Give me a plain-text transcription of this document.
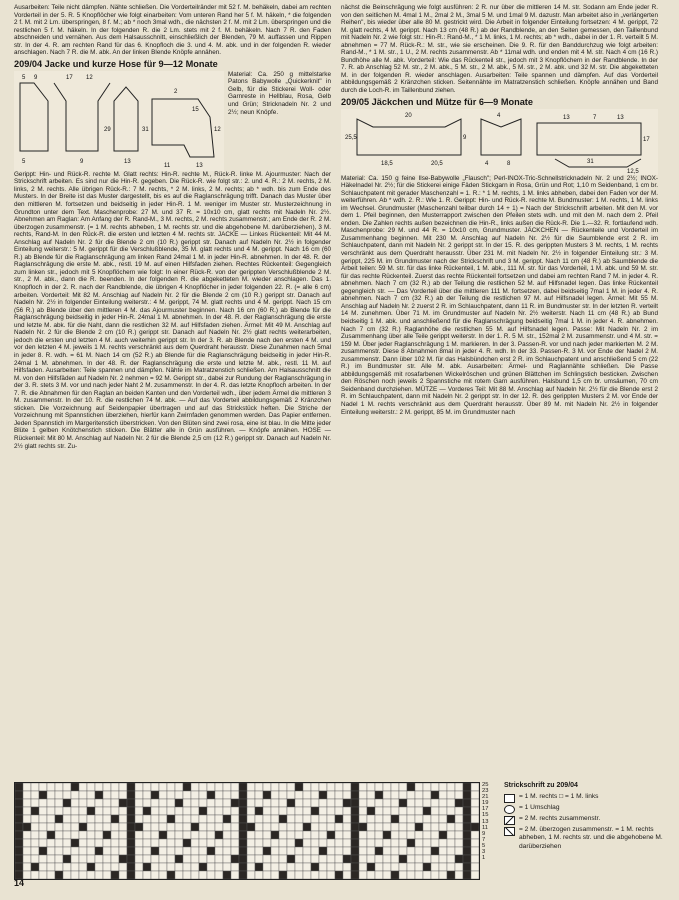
Ausarbeiten: Teile nicht dämpfen. Nähte schließen. Die Vorderteilränder mit 52 f. M. behäkeln, dabei am rechten Vorderteil in der 5. R. 5 Knopflöcher wie folgt einarbeiten: Vom unteren Rand her 5 f. M. häkeln, * die folgenden 2 f. M. mit 2 Lm. überspringen, 8 f. M.; ab * noch 3mal wdh., die nächsten 2 f. M. mit 2 Lm. überspringen und die restlichen 5 f. M. häkeln. In der folgenden R. die 2 Lm. stets mit 2 f. M. behäkeln. Nach 7 R. den Faden abschneiden und vernähen. Aus dem Halsausschnitt, einschließlich der Blenden, 79 M. auffassen und Rippen str. In der 4. R. am rechten Rand für das 6. Knopfloch die 3. und 4. M. abk. und in der folgenden R. wieder anschlagen. Nach 7 R. die M. abk. An der linken Blende Knöpfe annähen.

209/04 Jacke und kurze Hose für 9—12 Monate
5 9	17 12
5	9	13
2
29	31
15
11	13
12

Material: Ca. 250 g mittelstarke Patons Babywolle „Quickerknit" in Gelb, für die Stickerei Woll- oder Garnreste in Hellblau, Rosa, Gelb und Grün; Stricknadeln Nr. 2 und 2½; neun Knöpfe.

Gerippt: Hin- und Rück-R. rechte M. Glatt rechts: Hin-R. rechte M., Rück-R. linke M. Ajourmuster: Nach der Strickschrift arbeiten. Es sind nur die Hin-R. gegeben. Die Rück-R. wie folgt str.: 2. und 4. R.: 2 M. rechts, 2 M. links, 2 M. rechts. Alle übrigen Rück-R.: 7 M. rechts, * 2 M. links, 2 M. rechts; ab * wdh. bis zum Ende des Musters. In der Breite ist das Muster dargestellt, bis es auf die Raglanschrägung trifft. Danach das Muster über den mittleren M. fortsetzen und beidseitig in jeder Hin-R. 1 M. weniger im Muster str. Musterzeichnung in Grundton unter dem Text. Maschenprobe: 27 M. und 37 R. = 10x10 cm, glatt rechts mit Nadeln Nr. 2½. Abnehmen am Raglan: Am Anfang der R. Rand-M., 3 M. rechts, 2 M. rechts zusammenstr.; am Ende der R. 2 M. überzogen zusammenstr. (= 1 M. rechts abheben, 1 M. rechts str. und die abgehobene M. darüberziehen), 3 M. rechts, Rand-M. In den Rück-R. die ersten und letzten 4 M. rechts str. JACKE — Linkes Rückenteil: Mit 44 M. Anschlag auf Nadeln Nr. 2 für die Blende 2 cm (10 R.) gerippt str. Danach auf Nadeln Nr. 2½ in folgender Einteilung weiterstr.: 5 M. gerippt für die Verschlußblende, 35 M. glatt rechts und 4 M. gerippt. Nach 16 cm (60 R.) ab Blende für die Raglanschrägung am linken Rand 24mal 1 M. in jeder Hin-R. abnehmen. In der 48. R. der Raglanschrägung die erste M. abk., restl. 19 M. auf einen Hilfsfaden ziehen. Rechtes Rückenteil: Gegengleich zum linken str., jedoch mit 5 Knopflöchern wie folgt: In einer Rück-R. von der gerippten Verschlußblende 2 M. str., 2 M. abk., dann die R. beenden. In der folgenden R. die abgeketteten M. wieder anschlagen. Das 1. Knopfloch in der 2. R. nach der Randblende, die übrigen 4 Knopflöcher in jeder folgenden 22. R. (= alle 6 cm) arbeiten. Vorderteil: Mit 82 M. Anschlag auf Nadeln Nr. 2 für die Blende 2 cm (10 R.) gerippt str. Danach auf Nadeln Nr. 2½ in folgender Einteilung weiterstr.: 4 M. gerippt, 74 M. glatt rechts und 4 M. gerippt. Nach 15 cm (56 R.) ab Blende über den mittleren 4 M. das Ajourmuster beginnen. Nach 16 cm (60 R.) ab Blende für die Raglanschrägung beidseitig in jeder Hin-R. 24mal 1 M. abnehmen. In der 48. R. der Raglanschrägung die erste und letzte M. abk. für die Naht, dann die restlichen 32 M. auf Hilfsfaden ziehen. Ärmel: Mit 49 M. Anschlag auf Nadeln Nr. 2 für die Blende 2 cm (10 R.) gerippt str. Danach auf Nadeln Nr. 2½ glatt rechts weiterarbeiten, jedoch die ersten und letzten 4 M. auch weiterhin gerippt str. In der 3. R. ab Blende nach den ersten 4 M. und vor den letzten 4 M. jeweils 1 M. rechts verschränkt aus dem Querdraht herausstr. Diese Zunahmen nach 5mal in jeder 8. R. wdh. = 61 M. Nach 14 cm (52 R.) ab Blende für die Raglanschrägung beidseitig in jeder Hin-R. 24mal 1 M. abnehmen. In der 48. R. der Raglanschrägung die erste und letzte M. abk., restl. 11 M. auf Hilfsfaden. Ausarbeiten: Teile spannen und dämpfen. Nähte im Matratzenstich schließen. Am Halsausschnitt die M. von den Hilfsfäden auf Nadeln Nr. 2 nehmen = 92 M. Gerippt str., dabei zur Rundung der Raglanschrägung in der 3. R. stets 3 M. vor und nach jeder Naht 2 M. zusammenstr. In der 4. R. das letzte Knopfloch arbeiten. In der 7. R. die Abnahmen für den Raglan an beiden Kanten und den Vorderteil wdh., über jedem Ärmel die mittleren 3 M. zusammenstr. In der 10. R. die restlichen 74 M. abk. — Auf das Vorderteil abbildungsgemäß 2 Kränzchen sticken. Die Vorzeichnung auf Seidenpapier übertragen und auf das Strickstück heften. Die Striche der Vorzeichnung mit Spannstichen überziehen, hierfür kann Zwirnfaden genommen werden. Das Papier entfernen. Jeden Spannstich im Margeritenstich überstricken. Von den Blüten sind zwei rosa, eine ist blau. In die Mitte jeder Blüte 1 gelben Knötchenstich sticken. Die Blätter alle in Grün ausführen. — Knöpfe annähen. HOSE — Rückenteil: Mit 80 M. Anschlag auf Nadeln Nr. 2 für die Blende 2,5 cm (12 R.) gerippt str. Danach auf Nadeln Nr. 2½ glatt rechts str. Zu-

nächst die Beinschrägung wie folgt ausführen: 2 R. nur über die mittleren 14 M. str. Sodann am Ende jeder R. von den seitlichen M. 4mal 1 M., 2mal 2 M., 3mal 5 M. und 1mal 9 M. dazustr. Man arbeitet also in „verlängerten Reihen", bis wieder über alle 80 M. gestrickt wird. Die Arbeit in folgender Einteilung fortsetzen: 4 M. gerippt, 72 M. glatt rechts, 4 M. gerippt. Nach 13 cm (48 R.) ab der Randblende, an den Seiten gemessen, den Taillenbund mit Nadeln Nr. 2 wie folgt str.: Hin-R.: Rand-M., * 1 M. links, 1 M. rechts; ab * wdh., dabei in der 1. R. verteilt 5 M. abnehmen = 77 M. Rück-R.: M. str., wie sie erscheinen. Die 9. R. für den Banddurchzug wie folgt arbeiten: Rand-M., * 1 M. str., 1 U., 2 M. rechts zusammenstr. Ab * 11mal wdh. und enden mit 4 M. str. Nach 4 cm (16 R.) Bundhöhe alle M. abk. Vorderteil: Wie das Rückenteil str., jedoch mit 3 Knopflöchern in der Randblende. In der 7. R. ab Anschlag 52 M. str., 2 M. abk., 5 M. str., 2 M. abk., 5 M. str., 2 M. abk. und 32 M. str. Die abgeketteten M. in der folgenden R. wieder anschlagen. Ausarbeiten: Teile spannen und dämpfen. Auf das Vorderteil abbildungsgemäß 2 Kränzchen sticken. Seitennähte im Matratzenstich schließen. Knöpfe annähen und Band durch die Loch-R. im Taillenbund ziehen.

209/05 Jäckchen und Mütze für 6—9 Monate
25,5
20
9
4
18,5	20,5	4	8	31
12,5
13	7	13
17

Material: Ca. 150 g feine Ilse-Babywolle „Flausch"; Perl-INOX-Tric-Schnellstricknadeln Nr. 2 und 2½; INOX-Häkelnadel Nr. 2½; für die Stickerei einige Fäden Stickgarn in Rosa, Grün und Rot; 1,10 m Seidenband, 1 cm br. Schlauchpatent mit gerader Maschenzahl = 1. R.: * 1 M. rechts, 1 M. links abheben, dabei den Faden vor der M. weiterführen. Ab * wdh. 2. R.: Wie 1. R. Gerippt: Hin- und Rück-R. rechte M. Bundmuster: 1 M. rechts, 1 M. links im Wechsel. Grundmuster (Maschenzahl teilbar durch 14 + 1) = Nach der Strickschrift arbeiten. Mit den M. vor dem 1. Pfeil beginnen, den Musterrapport zwischen den Pfeilen stets wdh. und mit den M. nach dem 2. Pfeil enden. Die Zahlen rechts außen bezeichnen die Hin-R., links außen die Rück-R. Die 1.—32. R. fortlaufend wdh. Maschenprobe: 29 M. und 44 R. = 10x10 cm, Grundmuster. JÄCKCHEN — Rückenteile und Vorderteil im Zusammenhang beginnen. Mit 230 M. Anschlag auf Nadeln Nr. 2½ für die Saumblende erst 2 R. im Schlauchpatent, dann mit Nadeln Nr. 2 gerippt str. In der 15. R. des gerippten Musters 3 M. rechts, 1 M. rechts verschränkt aus dem Querdraht herausstr. Über 231 M. mit Nadeln Nr. 2½ in folgender Einteilung str.: 3 M. gerippt, 225 M. im Grundmuster nach der Strickschrift und 3 M. gerippt. Nach 11 cm (48 R.) ab Saumblende die Arbeit teilen: 59 M. str. für das linke Rückenteil, 1 M. abk., 111 M. str. für das Vorderteil, 1 M. abk. und 59 M. str. für das rechte Rückenteil. Zuerst das rechte Rückenteil fortsetzen und dabei am rechten Rand 7 M. in jeder 4. R. abnehmen. Nach 7 cm (32 R.) ab der Teilung die restlichen 52 M. auf Hilfsnadel legen. Das linke Rückenteil gegengleich str. — Das Vorderteil über die mittleren 111 M. fortsetzen, dabei beidseitig 7mal 1 M. in jeder 4. R. abnehmen. Nach 7 cm (32 R.) ab der Teilung die restlichen 97 M. auf Hilfsnadel legen. Ärmel: Mit 55 M. Anschlag auf Nadeln Nr. 2 zuerst 2 R. im Schlauchpatent, dann 11 R. im Bundmuster str. In der letzten R. verteilt 14 M. zunehmen. Über 71 M. im Grundmuster auf Nadeln Nr. 2½ weiterstr. Nach 11 cm (48 R.) ab Bund beidseitig 1 M. abk. und anschließend für die Raglanschrägung beidseitig 7mal 1 M. in jeder 4. R. abnehmen. Nach 7 cm (32 R.) Raglanhöhe die restlichen 55 M. auf Hilfsnadel legen. Passe: Mit Nadeln Nr. 2 im Zusammenhang über alle Teile gerippt weiterstr. In der 1. R. 5 M. str., 152mal 2 M. zusammenstr. und 4 M. str. = 159 M. Über jeder Raglanschrägung 1 M. markieren. In der 3. Passen-R. vor und nach jeder markierten M. 2 M. zusammenstr. Diese 8 Abnahmen 8mal in jeder 4. R. wdh. In der 33. Passen-R. 3 M. vor Ende der Nadel 2 M. zusammenstr. Dann über 102 M. für das Halsbündchen erst 2 R. im Schlauchpatent und anschließend 5 cm (22 R.) im Bundmuster str. Alle M. abk. Ausarbeiten: Ärmel- und Raglannähte schließen. Die Passe abbildungsgemäß mit rosafarbenen Wickelröschen und grünen Blättchen im Schlingstich besticken. Zwischen den Röschen noch jeweils 2 Spannstiche mit rotem Garn ausführen. Halsbund 1,5 cm br. umsäumen, 70 cm Seidenband durchziehen. MÜTZE — Vorderes Teil: Mit 88 M. Anschlag auf Nadeln Nr. 2½ für die Blende erst 2 R. im Schlauchpatent, dann mit Nadeln Nr. 2 gerippt str. In der 12. R. des gerippten Musters 2 M. vor Ende der Nadel 1 M. rechts verschränkt aus dem Querdraht herausstr. Über 89 M. mit Nadeln Nr. 2½ in folgender Einteilung weiterstr.: 2 M. gerippt, 85 M. im Grundmuster nach

25
23
21
19
17
15
13
11
9
7
5
3
1
Strickschrift zu 209/04
= 1 M. rechts □ = 1 M. links
= 1 Umschlag
= 2 M. rechts zusammenstr.
= 2 M. überzogen zusammenstr. = 1 M. rechts abheben, 1 M. rechts str. und die abgehobene M. darüberziehen
14
